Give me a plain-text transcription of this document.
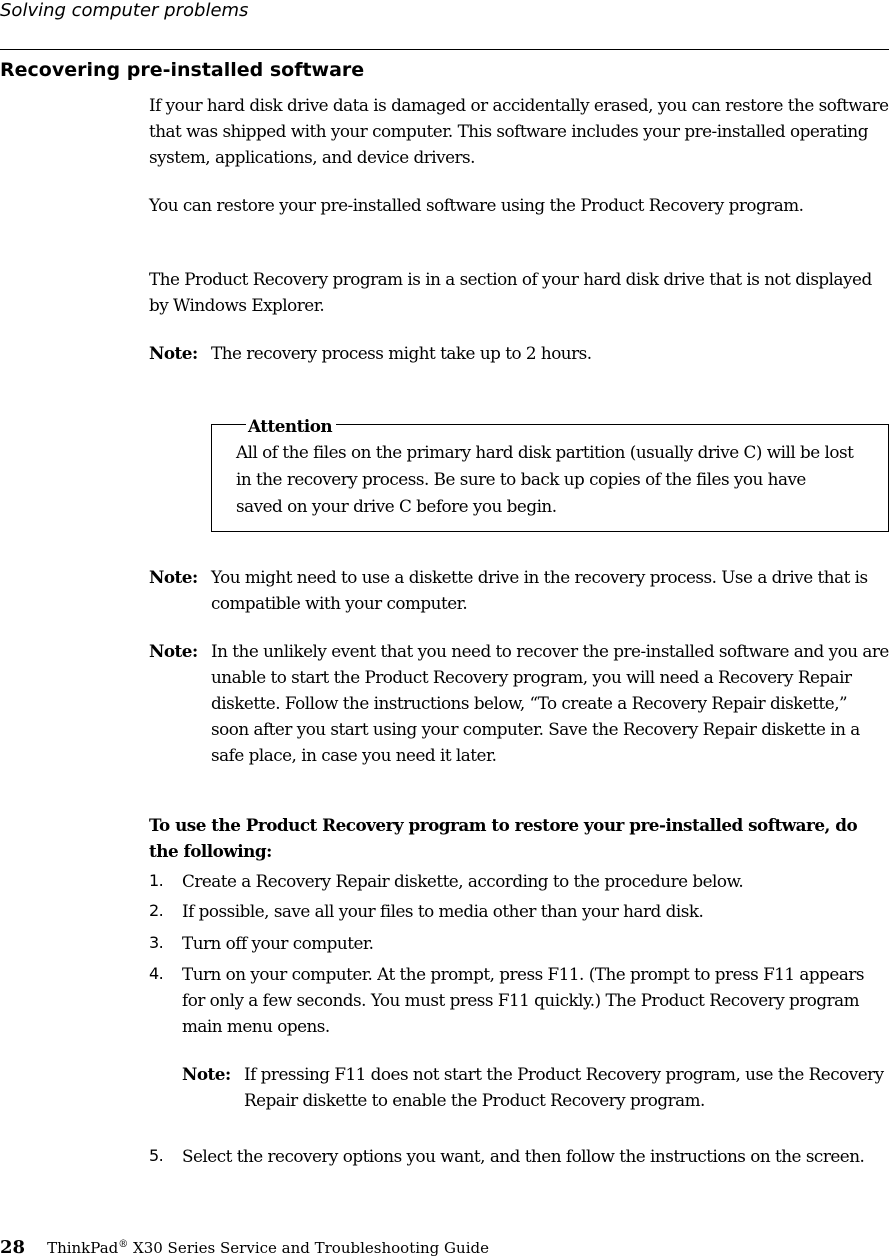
Solving computer problems
Recovering pre-installed software
If your hard disk drive data is damaged or accidentally erased, you can restore the software that was shipped with your computer. This software includes your pre-installed operating system, applications, and device drivers.
You can restore your pre-installed software using the Product Recovery program.
The Product Recovery program is in a section of your hard disk drive that is not displayed by Windows Explorer.
Note: The recovery process might take up to 2 hours.
Attention
All of the files on the primary hard disk partition (usually drive C) will be lost in the recovery process. Be sure to back up copies of the files you have saved on your drive C before you begin.
Note: You might need to use a diskette drive in the recovery process. Use a drive that is compatible with your computer.
Note: In the unlikely event that you need to recover the pre-installed software and you are unable to start the Product Recovery program, you will need a Recovery Repair diskette. Follow the instructions below, “To create a Recovery Repair diskette,” soon after you start using your computer. Save the Recovery Repair diskette in a safe place, in case you need it later.
To use the Product Recovery program to restore your pre-installed software, do the following:
1. Create a Recovery Repair diskette, according to the procedure below.
2. If possible, save all your files to media other than your hard disk.
3. Turn off your computer.
4. Turn on your computer. At the prompt, press F11. (The prompt to press F11 appears for only a few seconds. You must press F11 quickly.) The Product Recovery program main menu opens.
Note: If pressing F11 does not start the Product Recovery program, use the Recovery Repair diskette to enable the Product Recovery program.
5. Select the recovery options you want, and then follow the instructions on the screen.
28 ThinkPad® X30 Series Service and Troubleshooting Guide
